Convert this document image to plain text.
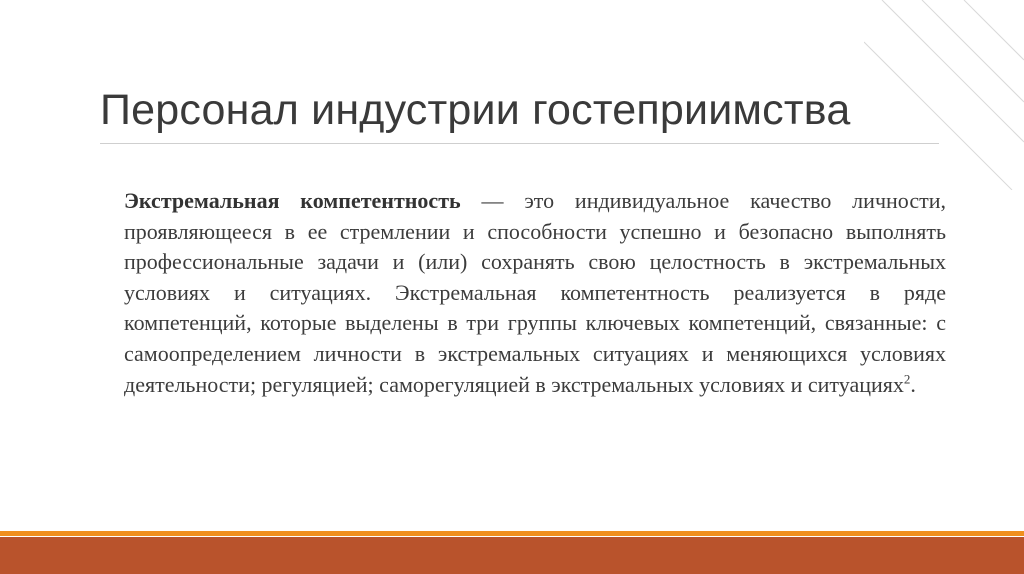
Персонал индустрии гостеприимства

Экстремальная компетентность — это индивидуальное качество личности, проявляющееся в ее стремлении и способности успешно и безопасно выполнять профессиональные задачи и (или) сохранять свою целостность в экстремальных условиях и ситуациях. Экстремальная компетентность реализуется в ряде компетенций, которые выделены в три группы ключевых компетенций, связанные: с самоопределением личности в экстремальных ситуациях и меняющихся условиях деятельности; регуляцией; саморегуляцией в экстремальных условиях и ситуациях$^2$.
